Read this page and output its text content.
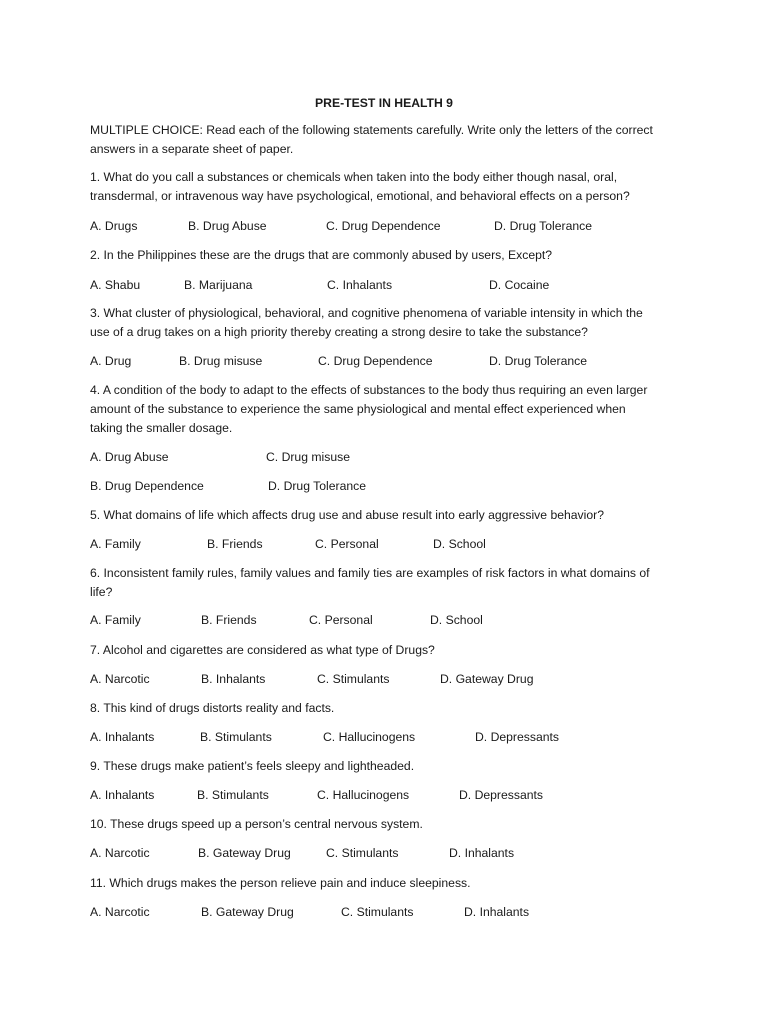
PRE-TEST IN HEALTH 9

MULTIPLE CHOICE: Read each of the following statements carefully. Write only the letters of the correct

answers in a separate sheet of paper.

1. What do you call a substances or chemicals when taken into the body either though nasal, oral,

transdermal, or intravenous way have psychological, emotional, and behavioral effects on a person?

A. Drugs	B. Drug Abuse	C. Drug Dependence	D. Drug Tolerance

2. In the Philippines these are the drugs that are commonly abused by users, Except?

A. Shabu	B. Marijuana	C. Inhalants	D. Cocaine

3. What cluster of physiological, behavioral, and cognitive phenomena of variable intensity in which the

use of a drug takes on a high priority thereby creating a strong desire to take the substance?

A. Drug	B. Drug misuse	C. Drug Dependence	D. Drug Tolerance

4. A condition of the body to adapt to the effects of substances to the body thus requiring an even larger

amount of the substance to experience the same physiological and mental effect experienced when

taking the smaller dosage.

A. Drug Abuse	C. Drug misuse
B. Drug Dependence	D. Drug Tolerance

5. What domains of life which affects drug use and abuse result into early aggressive behavior?

A. Family	B. Friends	C. Personal	D. School

6. Inconsistent family rules, family values and family ties are examples of risk factors in what domains of

life?

A. Family	B. Friends	C. Personal	D. School

7. Alcohol and cigarettes are considered as what type of Drugs?

A. Narcotic	B. Inhalants	C. Stimulants	D. Gateway Drug

8. This kind of drugs distorts reality and facts.

A. Inhalants	B. Stimulants	C. Hallucinogens	D. Depressants

9. These drugs make patient’s feels sleepy and lightheaded.

A. Inhalants	B. Stimulants	C. Hallucinogens	D. Depressants

10. These drugs speed up a person’s central nervous system.

A. Narcotic	B. Gateway Drug	C. Stimulants	D. Inhalants

11. Which drugs makes the person relieve pain and induce sleepiness.

A. Narcotic	B. Gateway Drug	C. Stimulants	D. Inhalants
